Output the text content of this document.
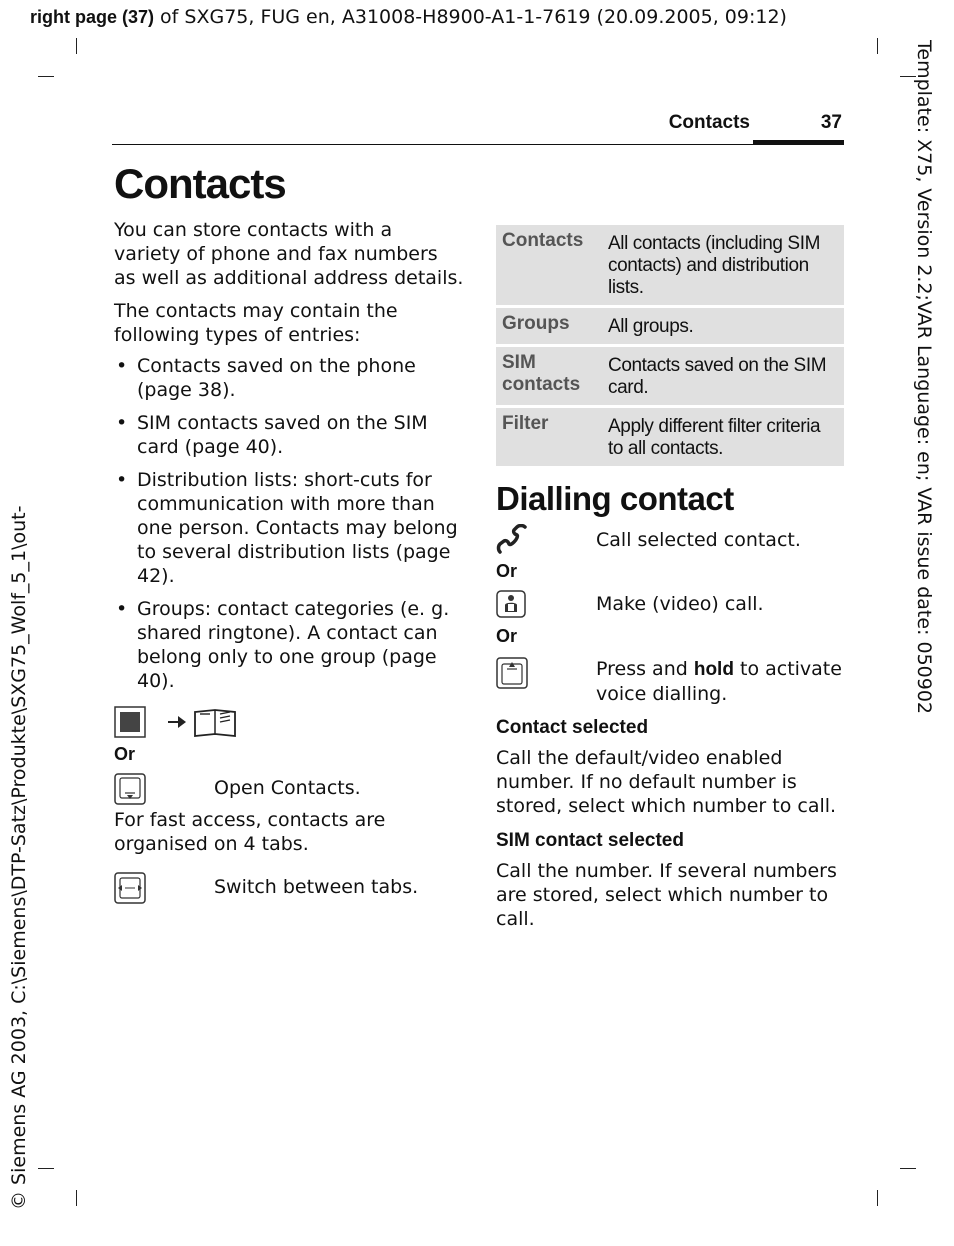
right page (37) of SXG75, FUG en, A31008-H8900-A1-1-7619 (20.09.2005, 09:12)
Template: X75, Version 2.2;VAR Language: en; VAR issue date: 050902
© Siemens AG 2003, C:\Siemens\DTP-Satz\Produkte\SXG75_Wolf_5_1\out-
Contacts	37
Contacts
You can store contacts with a variety of phone and fax numbers as well as additional address details.
The contacts may contain the following types of entries:
• Contacts saved on the phone (page 38).
• SIM contacts saved on the SIM card (page 40).
• Distribution lists: short-cuts for communication with more than one person. Contacts may belong to several distribution lists (page 42).
• Groups: contact categories (e. g. shared ringtone). A contact can belong only to one group (page 40).
Or
Open Contacts.
For fast access, contacts are organised on 4 tabs.
Switch between tabs.
Contacts	All contacts (including SIM contacts) and distribution lists.
Groups	All groups.
SIM contacts	Contacts saved on the SIM card.
Filter	Apply different filter criteria to all contacts.
Dialling contact
Call selected contact.
Or
Make (video) call.
Or
Press and hold to activate voice dialling.
Contact selected
Call the default/video enabled number. If no default number is stored, select which number to call.
SIM contact selected
Call the number. If several numbers are stored, select which number to call.
